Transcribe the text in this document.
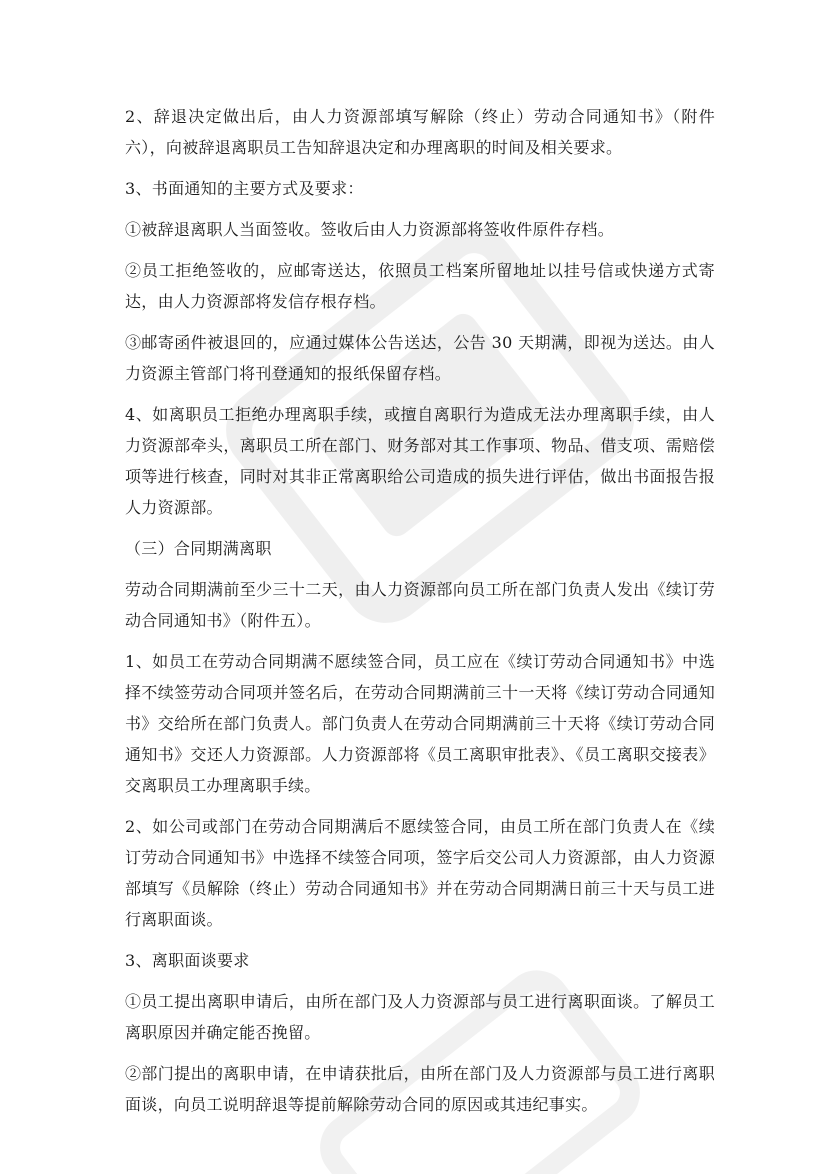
2、辞退决定做出后，由人力资源部填写解除（终止）劳动合同通知书》（附件六），向被辞退离职员工告知辞退决定和办理离职的时间及相关要求。

3、书面通知的主要方式及要求：

①被辞退离职人当面签收。签收后由人力资源部将签收件原件存档。

②员工拒绝签收的，应邮寄送达，依照员工档案所留地址以挂号信或快递方式寄达，由人力资源部将发信存根存档。

③邮寄函件被退回的，应通过媒体公告送达，公告 30 天期满，即视为送达。由人力资源主管部门将刊登通知的报纸保留存档。

4、如离职员工拒绝办理离职手续，或擅自离职行为造成无法办理离职手续，由人力资源部牵头，离职员工所在部门、财务部对其工作事项、物品、借支项、需赔偿项等进行核查，同时对其非正常离职给公司造成的损失进行评估，做出书面报告报人力资源部。

（三）合同期满离职

劳动合同期满前至少三十二天，由人力资源部向员工所在部门负责人发出《续订劳动合同通知书》（附件五）。

1、如员工在劳动合同期满不愿续签合同，员工应在《续订劳动合同通知书》中选择不续签劳动合同项并签名后，在劳动合同期满前三十一天将《续订劳动合同通知书》交给所在部门负责人。部门负责人在劳动合同期满前三十天将《续订劳动合同通知书》交还人力资源部。人力资源部将《员工离职审批表》、《员工离职交接表》交离职员工办理离职手续。

2、如公司或部门在劳动合同期满后不愿续签合同，由员工所在部门负责人在《续订劳动合同通知书》中选择不续签合同项，签字后交公司人力资源部，由人力资源部填写《员解除（终止）劳动合同通知书》并在劳动合同期满日前三十天与员工进行离职面谈。

3、离职面谈要求

①员工提出离职申请后，由所在部门及人力资源部与员工进行离职面谈。了解员工离职原因并确定能否挽留。

②部门提出的离职申请，在申请获批后，由所在部门及人力资源部与员工进行离职面谈，向员工说明辞退等提前解除劳动合同的原因或其违纪事实。
